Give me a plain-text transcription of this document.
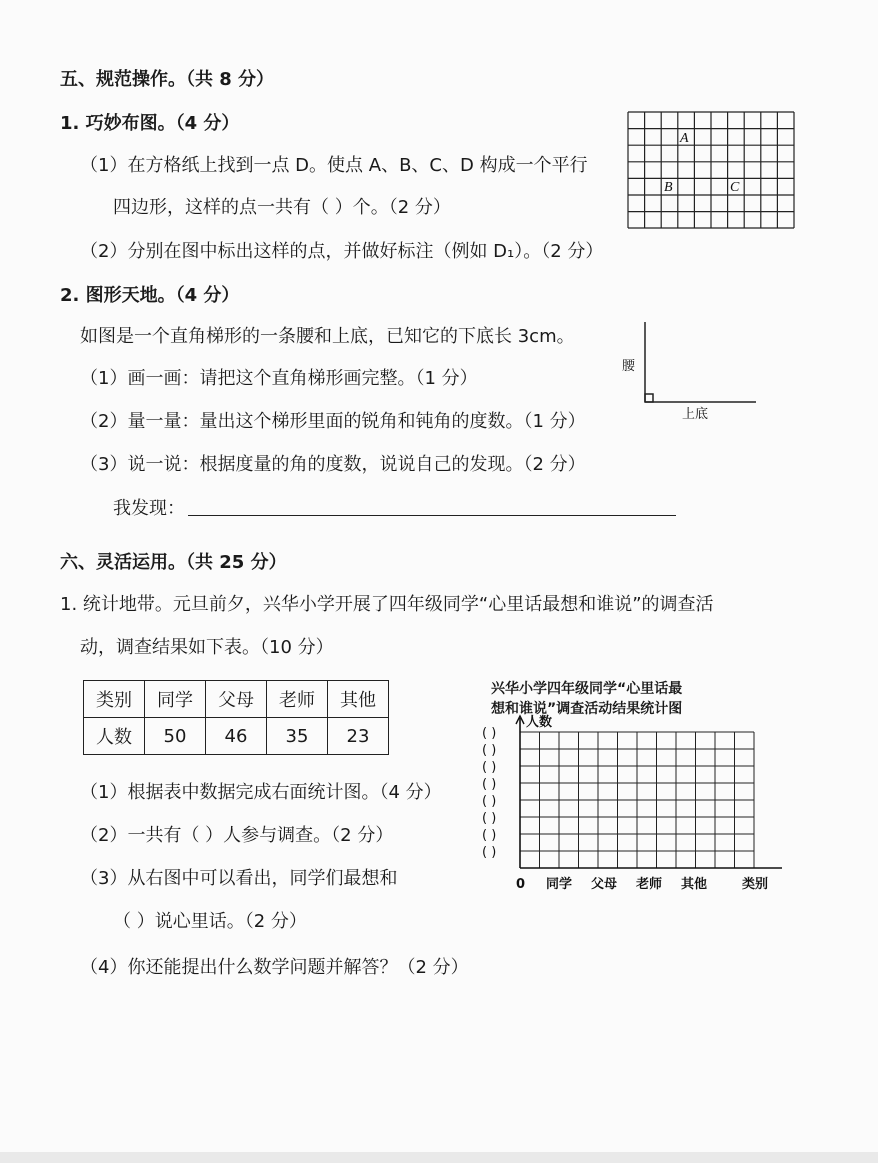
五、规范操作。（共 8 分）
1. 巧妙布图。（4 分）
（1）在方格纸上找到一点 D。使点 A、B、C、D 构成一个平行
四边形，这样的点一共有（ ）个。（2 分）
（2）分别在图中标出这样的点，并做好标注（例如 D₁）。（2 分）
A
B	C
2. 图形天地。（4 分）
如图是一个直角梯形的一条腰和上底，已知它的下底长 3cm。
（1）画一画：请把这个直角梯形画完整。（1 分）
（2）量一量：量出这个梯形里面的锐角和钝角的度数。（1 分）
（3）说一说：根据度量的角的度数，说说自己的发现。（2 分）
我发现：
腰
上底
六、灵活运用。（共 25 分）
1. 统计地带。元旦前夕，兴华小学开展了四年级同学“心里话最想和谁说”的调查活
动，调查结果如下表。（10 分）
类别	同学	父母	老师	其他
人数	50	46	35	23
（1）根据表中数据完成右面统计图。（4 分）
（2）一共有（ ）人参与调查。（2 分）
（3）从右图中可以看出，同学们最想和
（ ）说心里话。（2 分）
（4）你还能提出什么数学问题并解答？（2 分）
兴华小学四年级同学“心里话最
想和谁说”调查活动结果统计图
人数
( )
( )
( )
( )
( )
( )
( )
( )
0 同学 父母 老师 其他	类别
